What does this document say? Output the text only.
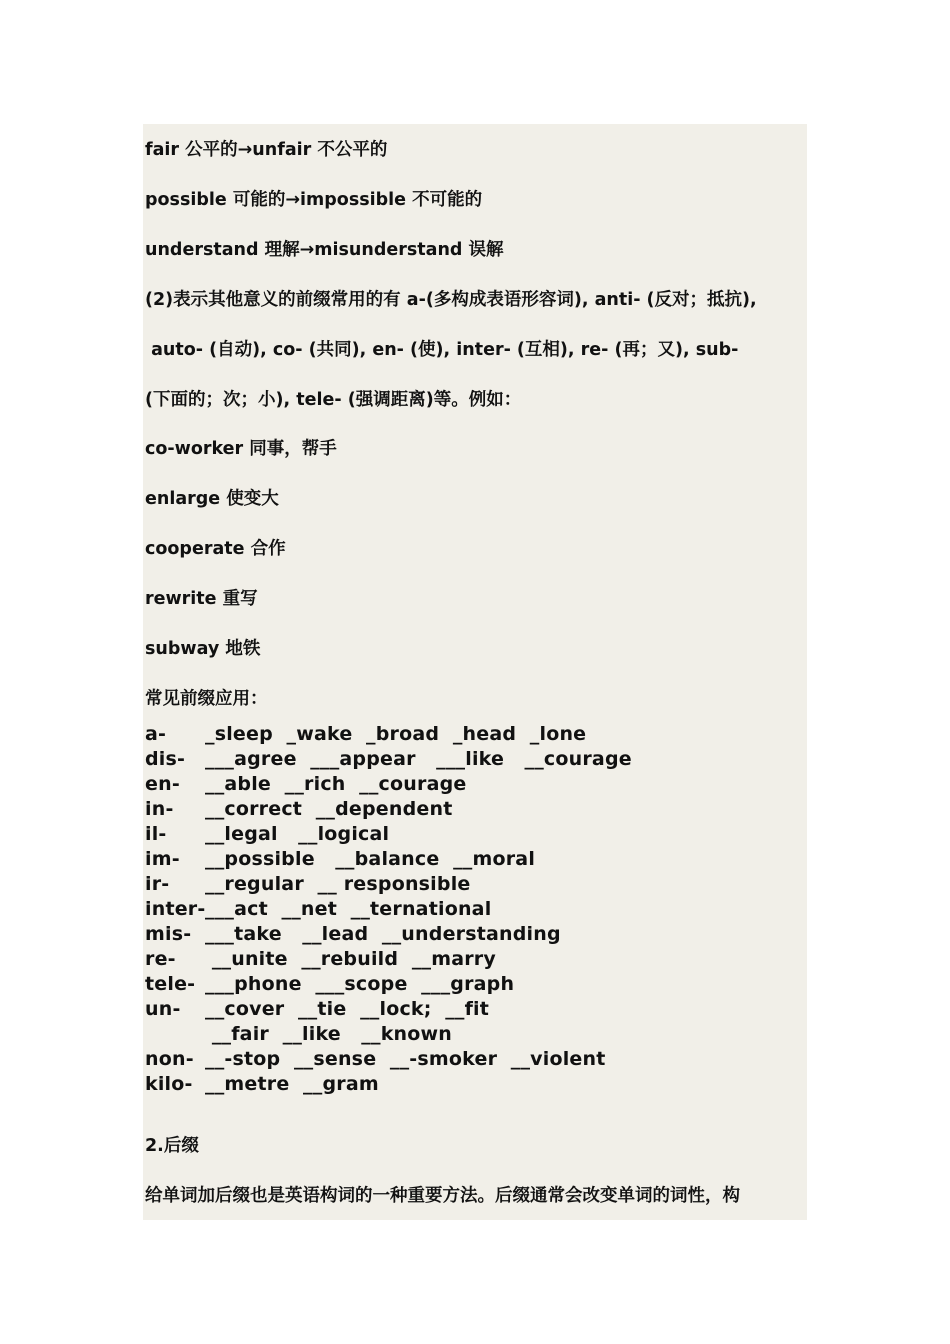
fair 公平的→unfair 不公平的

possible 可能的→impossible 不可能的

understand 理解→misunderstand 误解

(2)表示其他意义的前缀常用的有 a-(多构成表语形容词), anti- (反对；抵抗),

auto- (自动), co- (共同), en- (使), inter- (互相), re- (再；又), sub-

(下面的；次；小), tele- (强调距离)等。例如：

co-worker 同事，帮手

enlarge 使变大

cooperate 合作

rewrite 重写

subway 地铁

常见前缀应用：

a- _sleep  _wake  _broad  _head  _lone

dis- ___agree  ___appear   ___like   __courage

en- __able  __rich  __courage

in- __correct  __dependent

il- __legal   __logical

im- __possible   __balance  __moral

ir- __regular  __ responsible

inter-___act  __net  __ternational

mis- ___take   __lead  __understanding

re- __unite  __rebuild  __marry

tele- ___phone  ___scope  ___graph

un- __cover  __tie  __lock;  __fit

__fair  __like   __known

non- __-stop  __sense  __-smoker  __violent

kilo- __metre  __gram

2.后缀

给单词加后缀也是英语构词的一种重要方法。后缀通常会改变单词的词性，构
